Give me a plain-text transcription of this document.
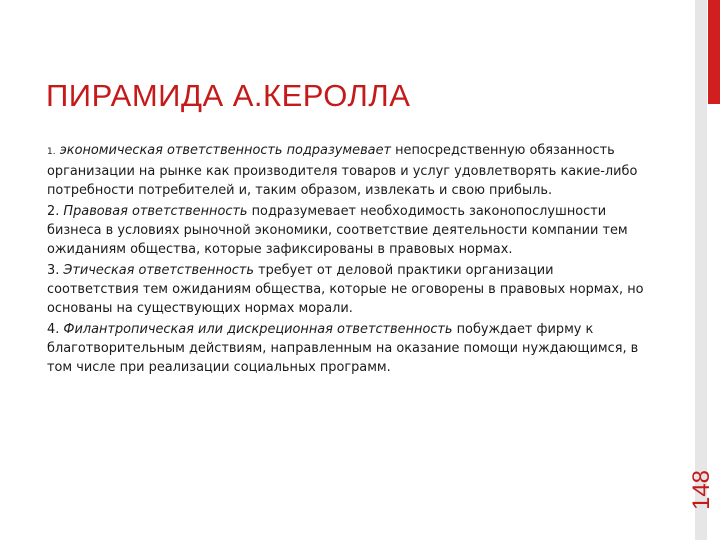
148
ПИРАМИДА А.КЕРОЛЛА

1. экономическая ответственность подразумевает непосредственную обязанность организации на рынке как производителя товаров и услуг удовлетворять какие-либо потребности потребителей и, таким образом, извлекать и свою прибыль.

2. Правовая ответственность подразумевает необходимость законопослушности бизнеса в условиях рыночной экономики, соответствие деятельности компании тем ожиданиям общества, которые зафиксированы в правовых нормах.

3. Этическая ответственность требует от деловой практики организации соответствия тем ожиданиям общества, которые не оговорены в правовых нормах, но основаны на существующих нормах морали.

4. Филантропическая или дискреционная ответственность побуждает фирму к благотворительным действиям, направленным на оказание помощи нуждающимся, в том числе при реализации социальных программ.
